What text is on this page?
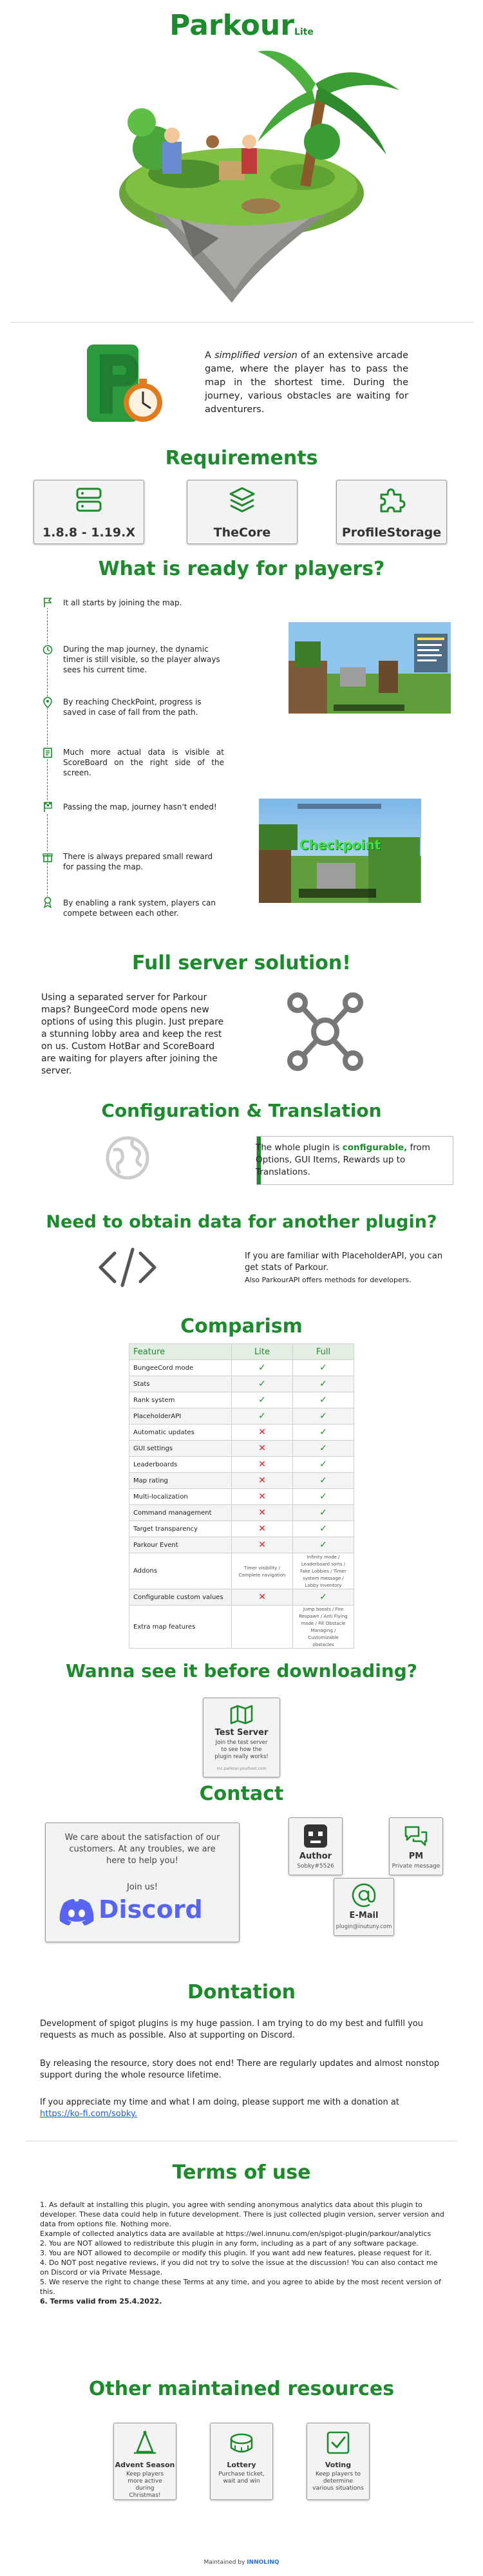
ParkourLite
A simplified version of an extensive arcade game, where the player has to pass the map in the shortest time. During the journey, various obstacles are waiting for adventurers.
Requirements
1.8.8 - 1.19.X	TheCore	ProfileStorage
What is ready for players?
It all starts by joining the map.
During the map journey, the dynamic timer is still visible, so the player always sees his current time.
By reaching CheckPoint, progress is saved in case of fall from the path.
Much more actual data is visible at ScoreBoard on the right side of the screen.
Passing the map, journey hasn't ended!
There is always prepared small reward for passing the map.
By enabling a rank system, players can compete between each other.
Checkpoint
Full server solution!
Using a separated server for Parkour maps? BungeeCord mode opens new options of using this plugin. Just prepare a stunning lobby area and keep the rest on us. Custom HotBar and ScoreBoard are waiting for players after joining the server.
Configuration & Translation
The whole plugin is configurable, from Options, GUI Items, Rewards up to Translations.
Need to obtain data for another plugin?
If you are familiar with PlaceholderAPI, you can get stats of Parkour.
Also ParkourAPI offers methods for developers.
Comparism
Feature	Lite	Full
BungeeCord mode	✓	✓
Stats	✓	✓
Rank system	✓	✓
PlaceholderAPI	✓	✓
Automatic updates	✕	✓
GUI settings	✕	✓
Leaderboards	✕	✓
Map rating	✕	✓
Multi-localization	✕	✓
Command management	✕	✓
Target transparency	✕	✓
Parkour Event	✕	✓
Addons	Timer visibility / Complete navigation	Infinity mode / Leaderboard sorts / Fake Lobbies / Timer system message / Lobby Inventory
Configurable custom values	✕	✓
Extra map features		Jump boosts / Fire Respawn / Anti Flying mode / Fill Obstacle Managing / Customizable obstacles
Wanna see it before downloading?
Test Server
Join the test server to see how the plugin really works!
mc.parkour.yourhost.com
Contact
We care about the satisfaction of our customers. At any troubles, we are here to help you!
Join us!
Discord
Author
Sobky#5526
PM
Private message
E-Mail
plugin@inutuny.com
Dontation
Development of spigot plugins is my huge passion. I am trying to do my best and fulfill you requests as much as possible. Also at supporting on Discord.
By releasing the resource, story does not end! There are regularly updates and almost nonstop support during the whole resource lifetime.
If you appreciate my time and what I am doing, please support me with a donation at https://ko-fi.com/sobky.
Terms of use
1. As default at installing this plugin, you agree with sending anonymous analytics data about this plugin to developer. These data could help in future development. There is just collected plugin version, server version and data from options file. Nothing more.
Example of collected analytics data are available at https://wel.innunu.com/en/spigot-plugin/parkour/analytics
2. You are NOT allowed to redistribute this plugin in any form, including as a part of any software package.
3. You are NOT allowed to decompile or modify this plugin. If you want add new features, please request for it.
4. Do NOT post negative reviews, if you did not try to solve the issue at the discussion! You can also contact me on Discord or via Private Message.
5. We reserve the right to change these Terms at any time, and you agree to abide by the most recent version of this.
6. Terms valid from 25.4.2022.
Other maintained resources
Advent Season
Keep players more active during Christmas!
Lottery
Purchase ticket, wait and win
Voting
Keep players to determine various situations
Maintained by INNOLINQ
